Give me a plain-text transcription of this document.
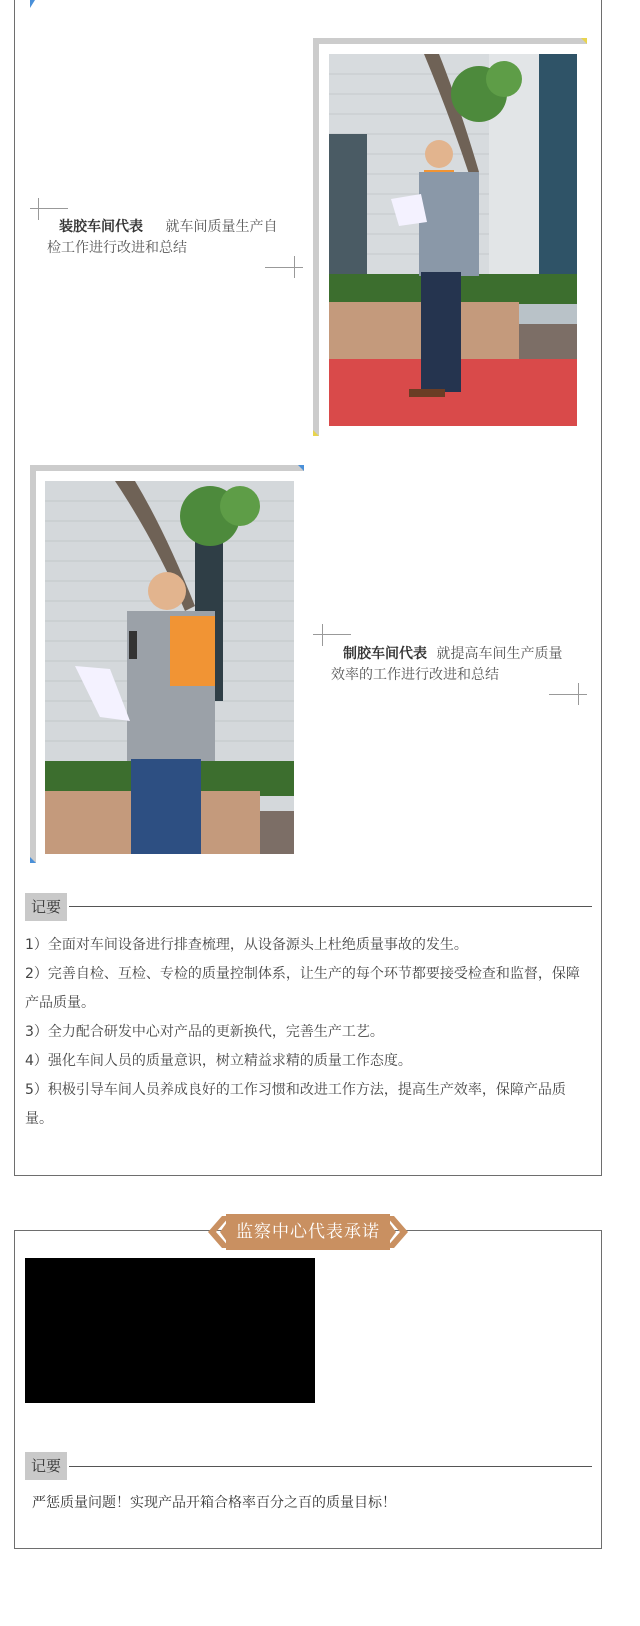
装胶车间代表 就车间质量生产自
检工作进行改进和总结
制胶车间代表 就提高车间生产质量
效率的工作进行改进和总结
记要

1）全面对车间设备进行排查梳理，从设备源头上杜绝质量事故的发生。

2）完善自检、互检、专检的质量控制体系，让生产的每个环节都要接受检查和监督，保障产品质量。

3）全力配合研发中心对产品的更新换代，完善生产工艺。

4）强化车间人员的质量意识，树立精益求精的质量工作态度。

5）积极引导车间人员养成良好的工作习惯和改进工作方法，提高生产效率，保障产品质量。

监察中心代表承诺
记要
严惩质量问题！实现产品开箱合格率百分之百的质量目标！
